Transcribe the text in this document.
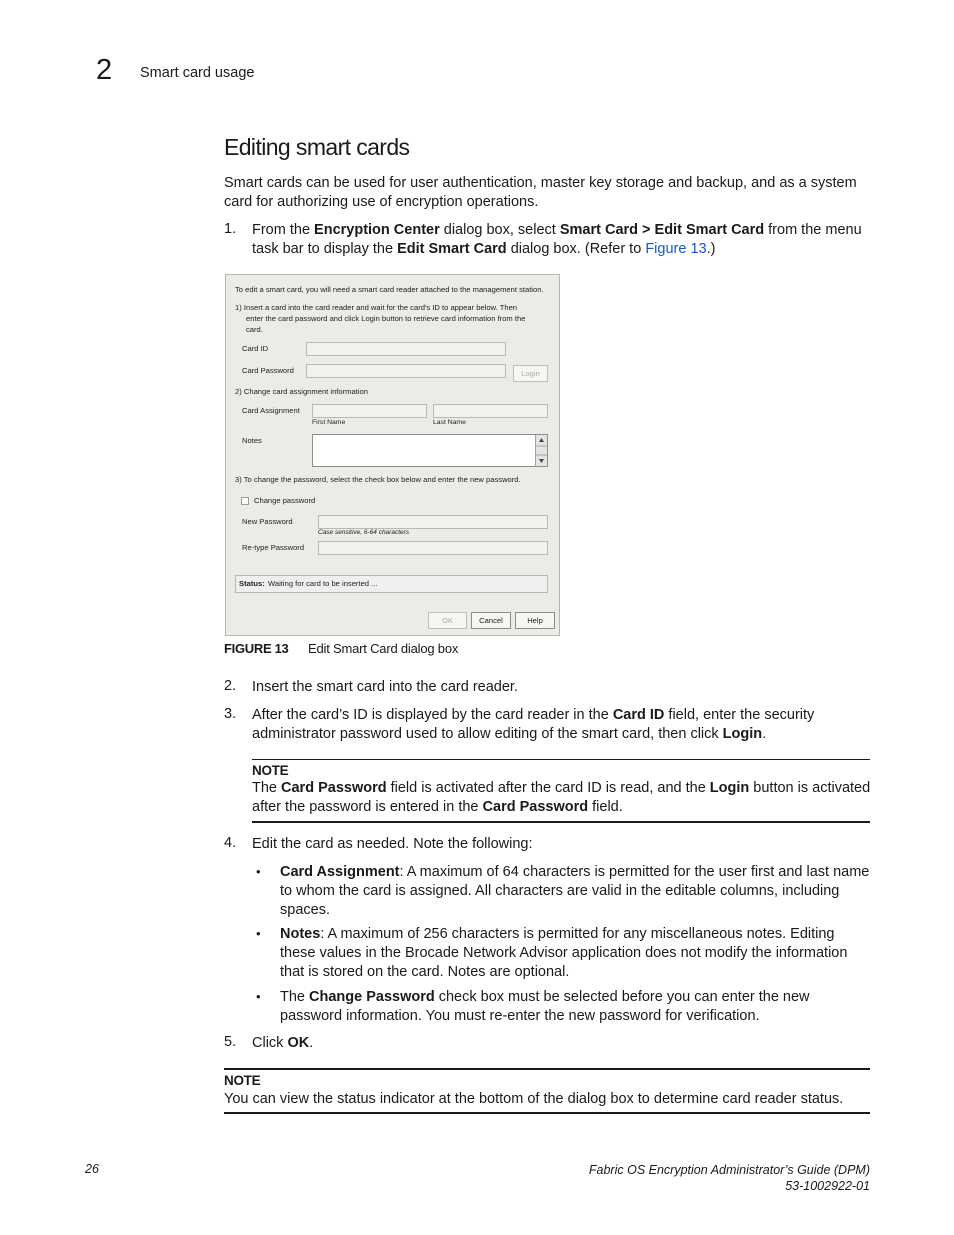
2 Smart card usage
Editing smart cards
Smart cards can be used for user authentication, master key storage and backup, and as a system card for authorizing use of encryption operations.
1. From the Encryption Center dialog box, select Smart Card > Edit Smart Card from the menu task bar to display the Edit Smart Card dialog box. (Refer to Figure 13.)
To edit a smart card, you will need a smart card reader attached to the management station.
1) Insert a card into the card reader and wait for the card's ID to appear below. Then
enter the card password and click Login button to retrieve card information from the
card.
Card ID
Card Password	Login
2) Change card assignment information
Card Assignment
First Name	Last Name
Notes
3) To change the password, select the check box below and enter the new password.
Change password
New Password
Case sensitive, 6-64 characters
Re-type Password
Status: Waiting for card to be inserted ...
OK	Cancel	Help
FIGURE 13 Edit Smart Card dialog box
2. Insert the smart card into the card reader.
3. After the card’s ID is displayed by the card reader in the Card ID field, enter the security administrator password used to allow editing of the smart card, then click Login.
NOTE
The Card Password field is activated after the card ID is read, and the Login button is activated after the password is entered in the Card Password field.
4. Edit the card as needed. Note the following:
• Card Assignment: A maximum of 64 characters is permitted for the user first and last name to whom the card is assigned. All characters are valid in the editable columns, including spaces.
• Notes: A maximum of 256 characters is permitted for any miscellaneous notes. Editing these values in the Brocade Network Advisor application does not modify the information that is stored on the card. Notes are optional.
• The Change Password check box must be selected before you can enter the new password information. You must re-enter the new password for verification.
5. Click OK.
NOTE
You can view the status indicator at the bottom of the dialog box to determine card reader status.
26	Fabric OS Encryption Administrator’s Guide (DPM)
53-1002922-01
